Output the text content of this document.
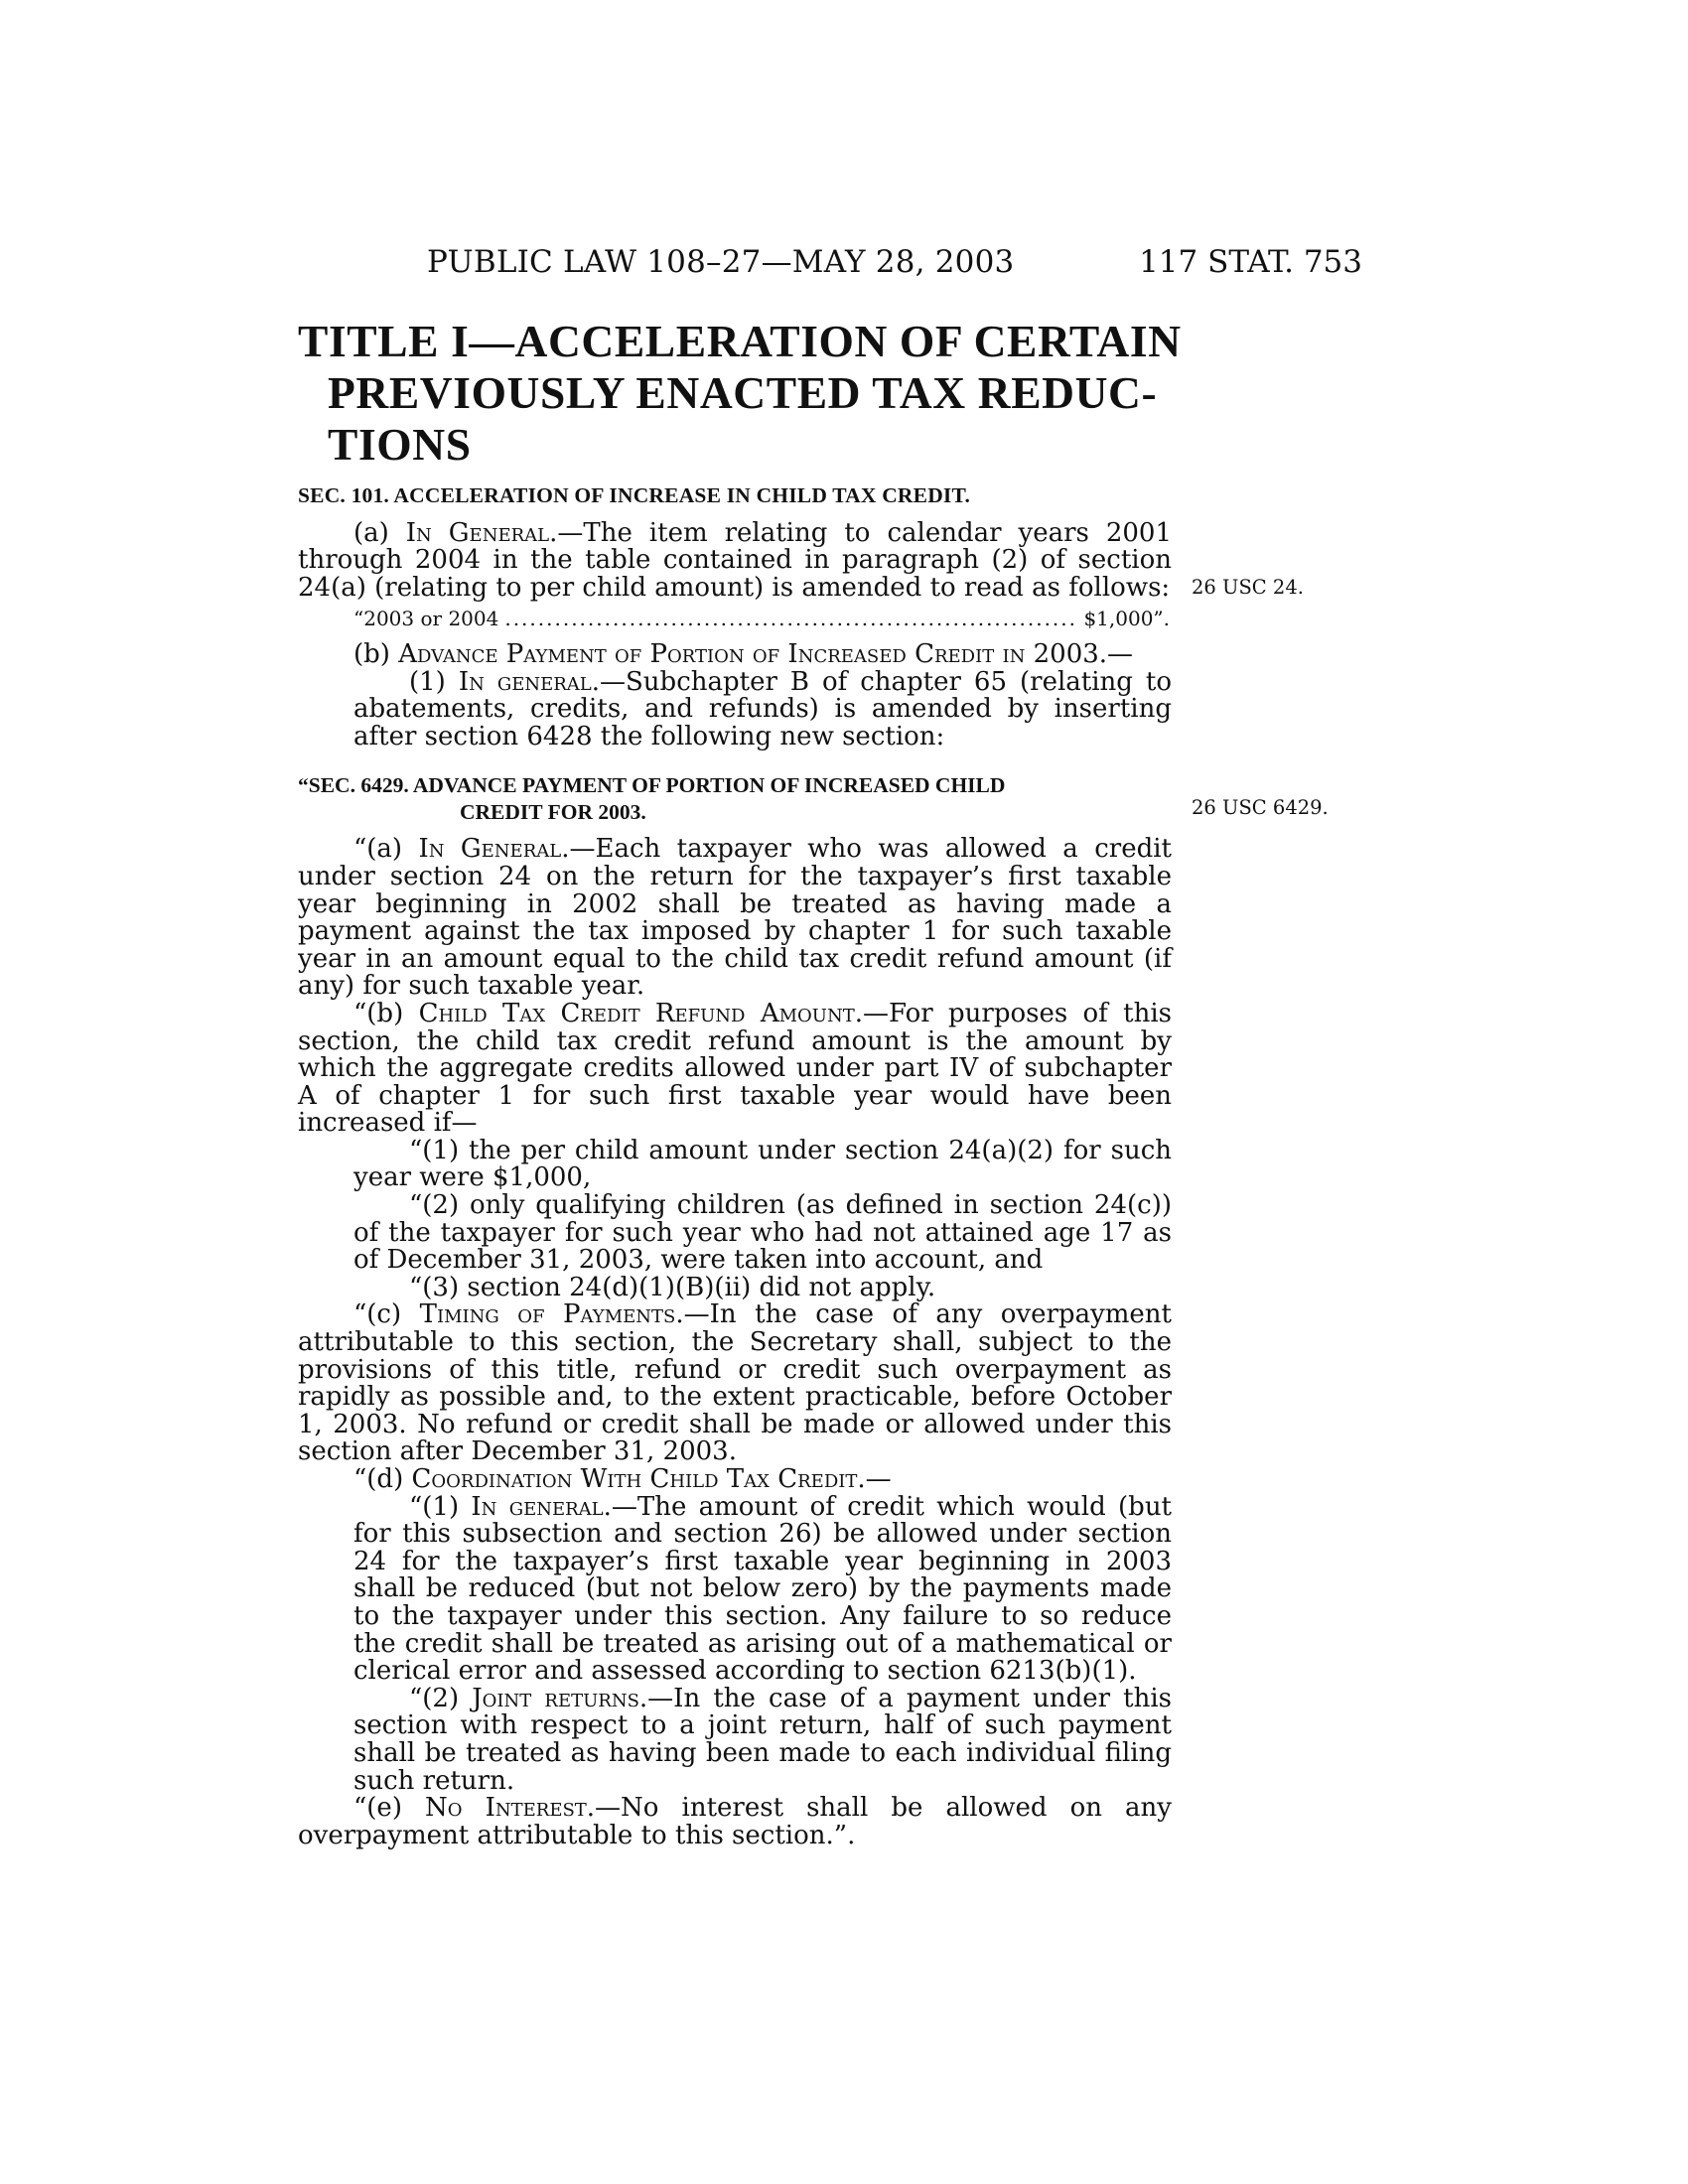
PUBLIC LAW 108–27—MAY 28, 2003	117 STAT. 753
TITLE I—ACCELERATION OF CERTAIN
PREVIOUSLY ENACTED TAX REDUC-
TIONS
26 USC 24.
26 USC 6429.

SEC. 101. ACCELERATION OF INCREASE IN CHILD TAX CREDIT.

(a) In General.—The item relating to calendar years 2001 through 2004 in the table contained in paragraph (2) of section 24(a) (relating to per child amount) is amended to read as follows:

“2003 or 2004
.....	$1,000”.

(b) Advance Payment of Portion of Increased Credit in 2003.—

(1) In general.—Subchapter B of chapter 65 (relating to abatements, credits, and refunds) is amended by inserting after section 6428 the following new section:

“SEC. 6429. ADVANCE PAYMENT OF PORTION OF INCREASED CHILD
CREDIT FOR 2003.

“(a) In General.—Each taxpayer who was allowed a credit under section 24 on the return for the taxpayer’s first taxable year beginning in 2002 shall be treated as having made a payment against the tax imposed by chapter 1 for such taxable year in an amount equal to the child tax credit refund amount (if any) for such taxable year.

“(b) Child Tax Credit Refund Amount.—For purposes of this section, the child tax credit refund amount is the amount by which the aggregate credits allowed under part IV of subchapter A of chapter 1 for such first taxable year would have been increased if—

“(1) the per child amount under section 24(a)(2) for such year were $1,000,

“(2) only qualifying children (as defined in section 24(c)) of the taxpayer for such year who had not attained age 17 as of December 31, 2003, were taken into account, and

“(3) section 24(d)(1)(B)(ii) did not apply.

“(c) Timing of Payments.—In the case of any overpayment attributable to this section, the Secretary shall, subject to the provisions of this title, refund or credit such overpayment as rapidly as possible and, to the extent practicable, before October 1, 2003. No refund or credit shall be made or allowed under this section after December 31, 2003.

“(d) Coordination With Child Tax Credit.—

“(1) In general.—The amount of credit which would (but for this subsection and section 26) be allowed under section 24 for the taxpayer’s first taxable year beginning in 2003 shall be reduced (but not below zero) by the payments made to the taxpayer under this section. Any failure to so reduce the credit shall be treated as arising out of a mathematical or clerical error and assessed according to section 6213(b)(1).

“(2) Joint returns.—In the case of a payment under this section with respect to a joint return, half of such payment shall be treated as having been made to each individual filing such return.

“(e) No Interest.—No interest shall be allowed on any overpayment attributable to this section.”.
